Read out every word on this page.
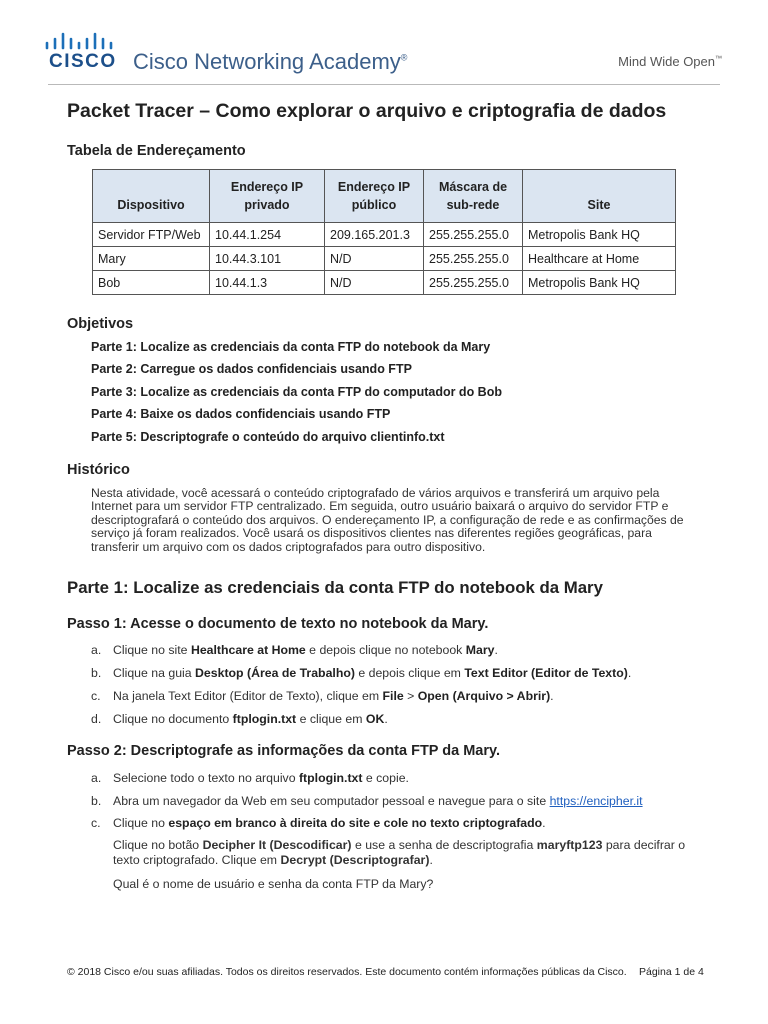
CISCO Cisco Networking Academy®	Mind Wide Open™
Packet Tracer – Como explorar o arquivo e criptografia de dados
Tabela de Endereçamento
Dispositivo	Endereço IP privado	Endereço IP público	Máscara de sub-rede	Site
Servidor FTP/Web	10.44.1.254	209.165.201.3	255.255.255.0	Metropolis Bank HQ
Mary	10.44.3.101	N/D	255.255.255.0	Healthcare at Home
Bob	10.44.1.3	N/D	255.255.255.0	Metropolis Bank HQ
Objetivos
Parte 1: Localize as credenciais da conta FTP do notebook da Mary
Parte 2: Carregue os dados confidenciais usando FTP
Parte 3: Localize as credenciais da conta FTP do computador do Bob
Parte 4: Baixe os dados confidenciais usando FTP
Parte 5: Descriptografe o conteúdo do arquivo clientinfo.txt
Histórico
Nesta atividade, você acessará o conteúdo criptografado de vários arquivos e transferirá um arquivo pela Internet para um servidor FTP centralizado. Em seguida, outro usuário baixará o arquivo do servidor FTP e descriptografará o conteúdo dos arquivos. O endereçamento IP, a configuração de rede e as confirmações de serviço já foram realizados. Você usará os dispositivos clientes nas diferentes regiões geográficas, para transferir um arquivo com os dados criptografados para outro dispositivo.
Parte 1: Localize as credenciais da conta FTP do notebook da Mary
Passo 1: Acesse o documento de texto no notebook da Mary.
a. Clique no site Healthcare at Home e depois clique no notebook Mary.
b. Clique na guia Desktop (Área de Trabalho) e depois clique em Text Editor (Editor de Texto).
c. Na janela Text Editor (Editor de Texto), clique em File > Open (Arquivo > Abrir).
d. Clique no documento ftplogin.txt e clique em OK.
Passo 2: Descriptografe as informações da conta FTP da Mary.
a. Selecione todo o texto no arquivo ftplogin.txt e copie.
b. Abra um navegador da Web em seu computador pessoal e navegue para o site https://encipher.it
c. Clique no espaço em branco à direita do site e cole no texto criptografado.
Clique no botão Decipher It (Descodificar) e use a senha de descriptografia maryftp123 para decifrar o texto criptografado. Clique em Decrypt (Descriptografar).
Qual é o nome de usuário e senha da conta FTP da Mary?
© 2018 Cisco e/ou suas afiliadas. Todos os direitos reservados. Este documento contém informações públicas da Cisco. Página 1 de 4
